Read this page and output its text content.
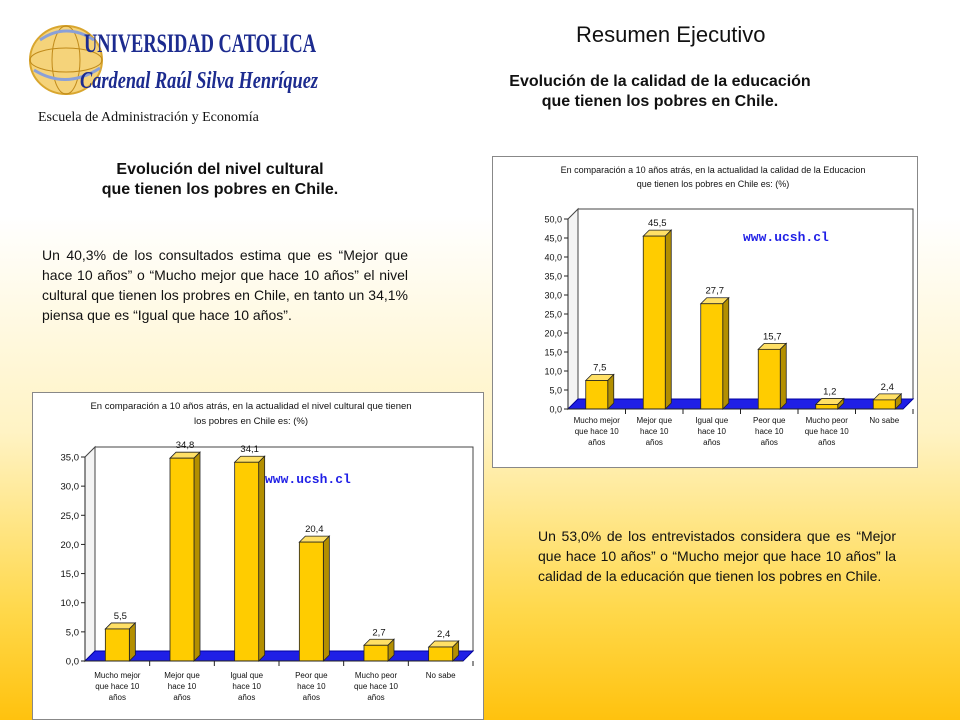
UNIVERSIDAD CATOLICA
Cardenal Raúl Silva Henríquez
Escuela de Administración y Economía
Resumen Ejecutivo
Evolución de la calidad de la educación
que tienen los pobres en Chile.
Evolución del nivel cultural
que tienen los pobres en Chile.

Un 40,3% de los consultados estima que es “Mejor que hace 10 años” o “Mucho mejor que hace 10 años” el nivel cultural que tienen los probres en Chile, en tanto un 34,1% piensa que es “Igual que hace 10 años”.

Un 53,0% de los entrevistados considera que es “Mejor que hace 10 años” o “Mucho mejor que hace 10 años” la calidad de la educación que tienen los pobres en Chile.

En comparación a 10 años atrás, en la actualidad la calidad de la Educacion
que tienen los pobres en Chile es: (%)
0,0
5,0
10,0
15,0
20,0
25,0
30,0
35,0
40,0
45,0
50,0
www.ucsh.cl
7,5
Mucho mejor que hace 10 años
45,5
Mejor que hace 10 años
27,7
Igual que hace 10 años
15,7
Peor que hace 10 años
1,2
Mucho peor que hace 10 años
2,4
No sabe
En comparación a 10 años atrás, en la actualidad el nivel cultural que tienen
los pobres en Chile es: (%)
0,0
5,0
10,0
15,0
20,0
25,0
30,0
35,0
www.ucsh.cl
5,5
Mucho mejor que hace 10 años
34,8
Mejor que hace 10 años
34,1
Igual que hace 10 años
20,4
Peor que hace 10 años
2,7
Mucho peor que hace 10 años
2,4
No sabe
